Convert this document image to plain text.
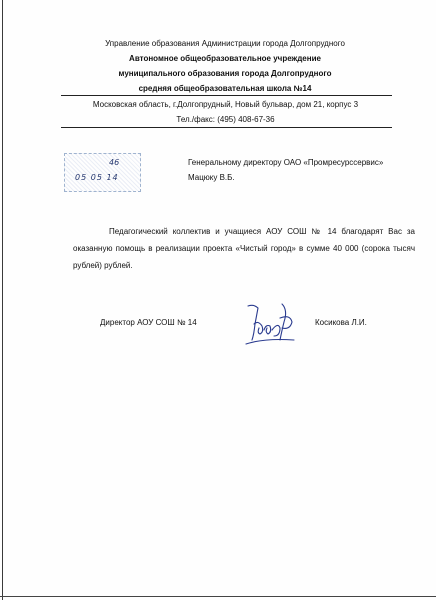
Управление образования Администрации города Долгопрудного
Автономное общеобразовательное учреждение
муниципального образования города Долгопрудного
средняя общеобразовательная школа №14
Московская область, г.Долгопрудный, Новый бульвар, дом 21, корпус 3
Тел./факс: (495) 408-67-36
46
05 05 14
Генеральному директору ОАО «Промресурссервис»
Мацюку В.Б.
Педагогический коллектив и учащиеся АОУ СОШ № 14 благодарят Вас за оказанную помощь в реализации проекта «Чистый город» в сумме 40 000 (сорока тысяч рублей) рублей.
Директор АОУ СОШ № 14	Косикова Л.И.
